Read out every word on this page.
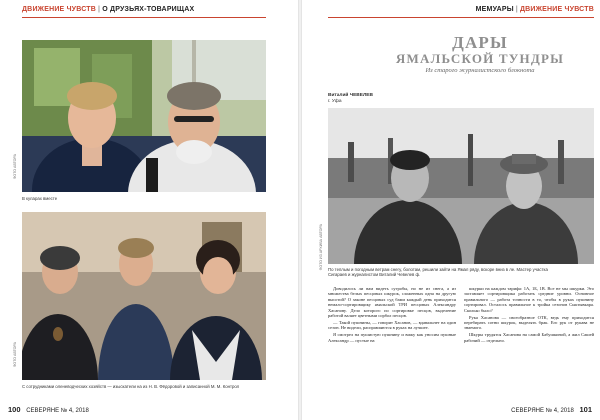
ДВИЖЕНИЕ ЧУВСТВ | О ДРУЗЬЯХ-ТОВАРИЩАХ
ФОТО АВТОРА
В куларах вместе
ФОТО АВТОРА
С сотрудниками оленеводческих хозяйств — изыскатели на из Н. В. Фёдоровой и записанной М. М. Контрол
100 СЕВЕРЯНЕ № 4, 2018
МЕМУАРЫ | ДВИЖЕНИЕ ЧУВСТВ
ДАРЫ
ЯМАЛЬСКОЙ ТУНДРЫ
Из старого журналистского блокнота
Виталий ЧЕВЕЛЕВ
г. Уфа
ФОТО ИЗ АРХИВА АВТОРА По теплым и погодным ветрам снегу, болотам, решили зайти на Ямал ряду, вскоре вниз в ле. Мастер участка Сигараев и журналистом Виталий Чевелев ф.

Доводилось ли вам видеть сугробы, но не из снега, а из множества белых песцовых шкурок, сложенных одна на другую высотой? О законе песцовых суд бами каждый день приходится немало-сортировщику ямальской ТРИ песцовых Александру Хасанову. Дело которого по сортировке песцов, выделение работой валяет цветными сорбол песцов.

— Такой пушнины, — говорит Хасанов, — вдавальнет на один сезон. Не видели, расправляются в руках на лучшее.

Я смотрел на пушистую пушнину и вижу как уносим пушные Александр — пустые на

шкурки на каждом тарифа: 1А, 1Б, 1В. Все не мы шкурки. Это заставляет сортировщика работать средние уровни. Основное правильного — работа точности в то, чтобы в руках пушнину сортировал. Осталось правильное к тройка сезонов Сыктывкара. Сколько было?

Рука Хасанова — своеобразное ОТК, ведь ему приходится перебирать сотни шкурок, выделять брак. Его рук от рукава не знаемого.

Шкуры трудятся Хасанова на самой Бабушкиной, а жил Сашей рабочий — отдельно.

СЕВЕРЯНЕ № 4, 2018 101
